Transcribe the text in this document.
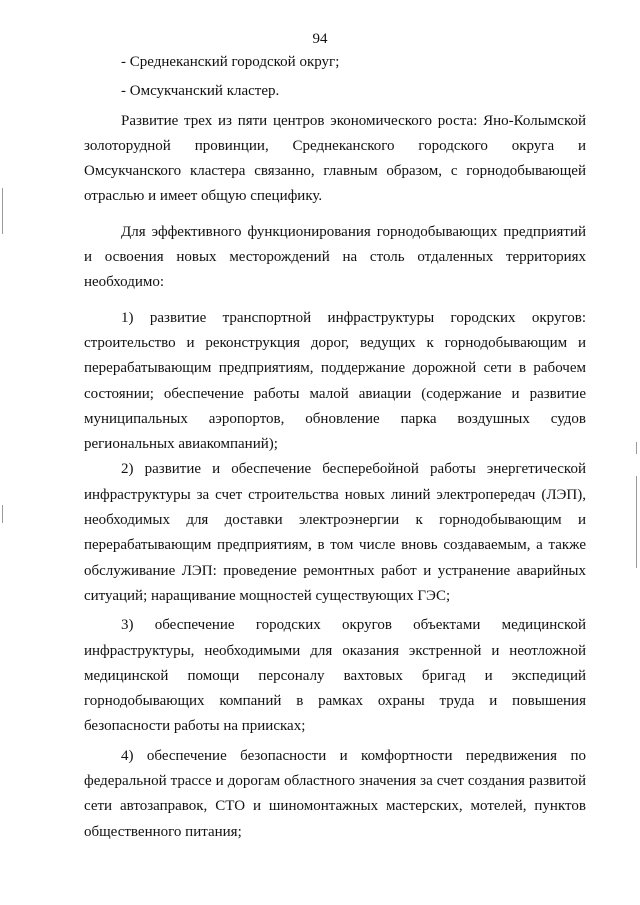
94

- Среднеканский городской округ;

- Омсукчанский кластер.

Развитие трех из пяти центров экономического роста: Яно-Колымской золоторудной провинции, Среднеканского городского округа и Омсукчанского кластера связанно, главным образом, с горнодобывающей отраслью и имеет общую специфику.

Для эффективного функционирования горнодобывающих предприятий и освоения новых месторождений на столь отдаленных территориях необходимо:

1) развитие транспортной инфраструктуры городских округов: строительство и реконструкция дорог, ведущих к горнодобывающим и перерабатывающим предприятиям, поддержание дорожной сети в рабочем состоянии; обеспечение работы малой авиации (содержание и развитие муниципальных аэропортов, обновление парка воздушных судов региональных авиакомпаний);

2) развитие и обеспечение бесперебойной работы энергетической инфраструктуры за счет строительства новых линий электропередач (ЛЭП), необходимых для доставки электроэнергии к горнодобывающим и перерабатывающим предприятиям, в том числе вновь создаваемым, а также обслуживание ЛЭП: проведение ремонтных работ и устранение аварийных ситуаций; наращивание мощностей существующих ГЭС;

3) обеспечение городских округов объектами медицинской инфраструктуры, необходимыми для оказания экстренной и неотложной медицинской помощи персоналу вахтовых бригад и экспедиций горнодобывающих компаний в рамках охраны труда и повышения безопасности работы на приисках;

4) обеспечение безопасности и комфортности передвижения по федеральной трассе и дорогам областного значения за счет создания развитой сети автозаправок, СТО и шиномонтажных мастерских, мотелей, пунктов общественного питания;
